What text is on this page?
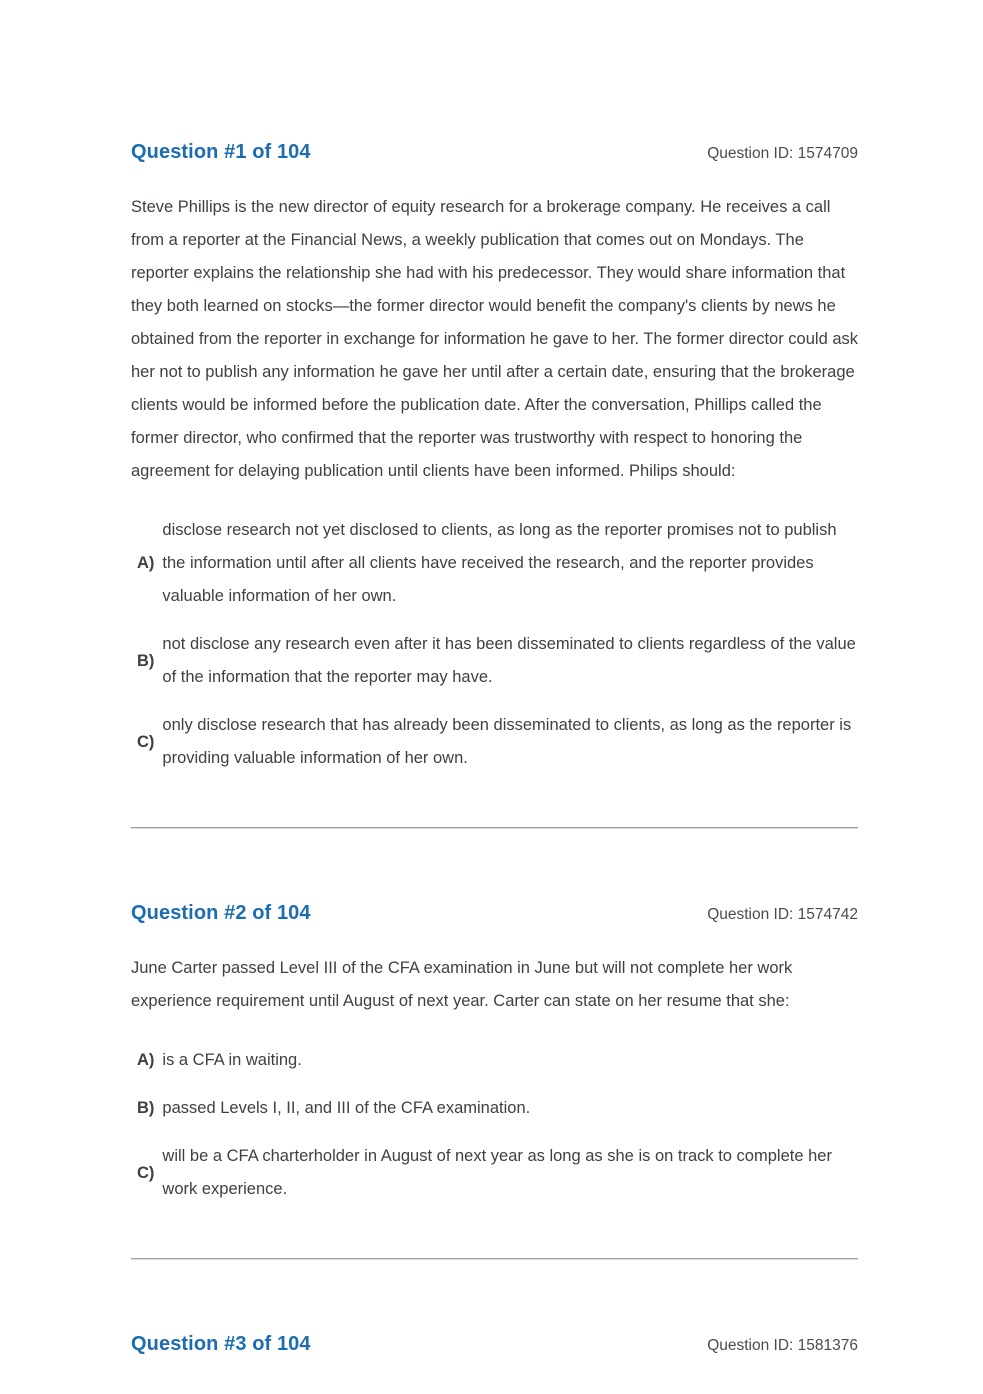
Question #1 of 104	Question ID: 1574709

Steve Phillips is the new director of equity research for a brokerage company. He receives a call from a reporter at the Financial News, a weekly publication that comes out on Mondays. The reporter explains the relationship she had with his predecessor. They would share information that they both learned on stocks—the former director would benefit the company's clients by news he obtained from the reporter in exchange for information he gave to her. The former director could ask her not to publish any information he gave her until after a certain date, ensuring that the brokerage clients would be informed before the publication date. After the conversation, Phillips called the former director, who confirmed that the reporter was trustworthy with respect to honoring the agreement for delaying publication until clients have been informed. Philips should:

A)
disclose research not yet disclosed to clients, as long as the reporter promises not to publish the information until after all clients have received the research, and the reporter provides valuable information of her own.
B)
not disclose any research even after it has been disseminated to clients regardless of the value of the information that the reporter may have.
C)
only disclose research that has already been disseminated to clients, as long as the reporter is providing valuable information of her own.
Question #2 of 104	Question ID: 1574742

June Carter passed Level III of the CFA examination in June but will not complete her work experience requirement until August of next year. Carter can state on her resume that she:

A) is a CFA in waiting.
B) passed Levels I, II, and III of the CFA examination.
C)
will be a CFA charterholder in August of next year as long as she is on track to complete her work experience.
Question #3 of 104	Question ID: 1581376
